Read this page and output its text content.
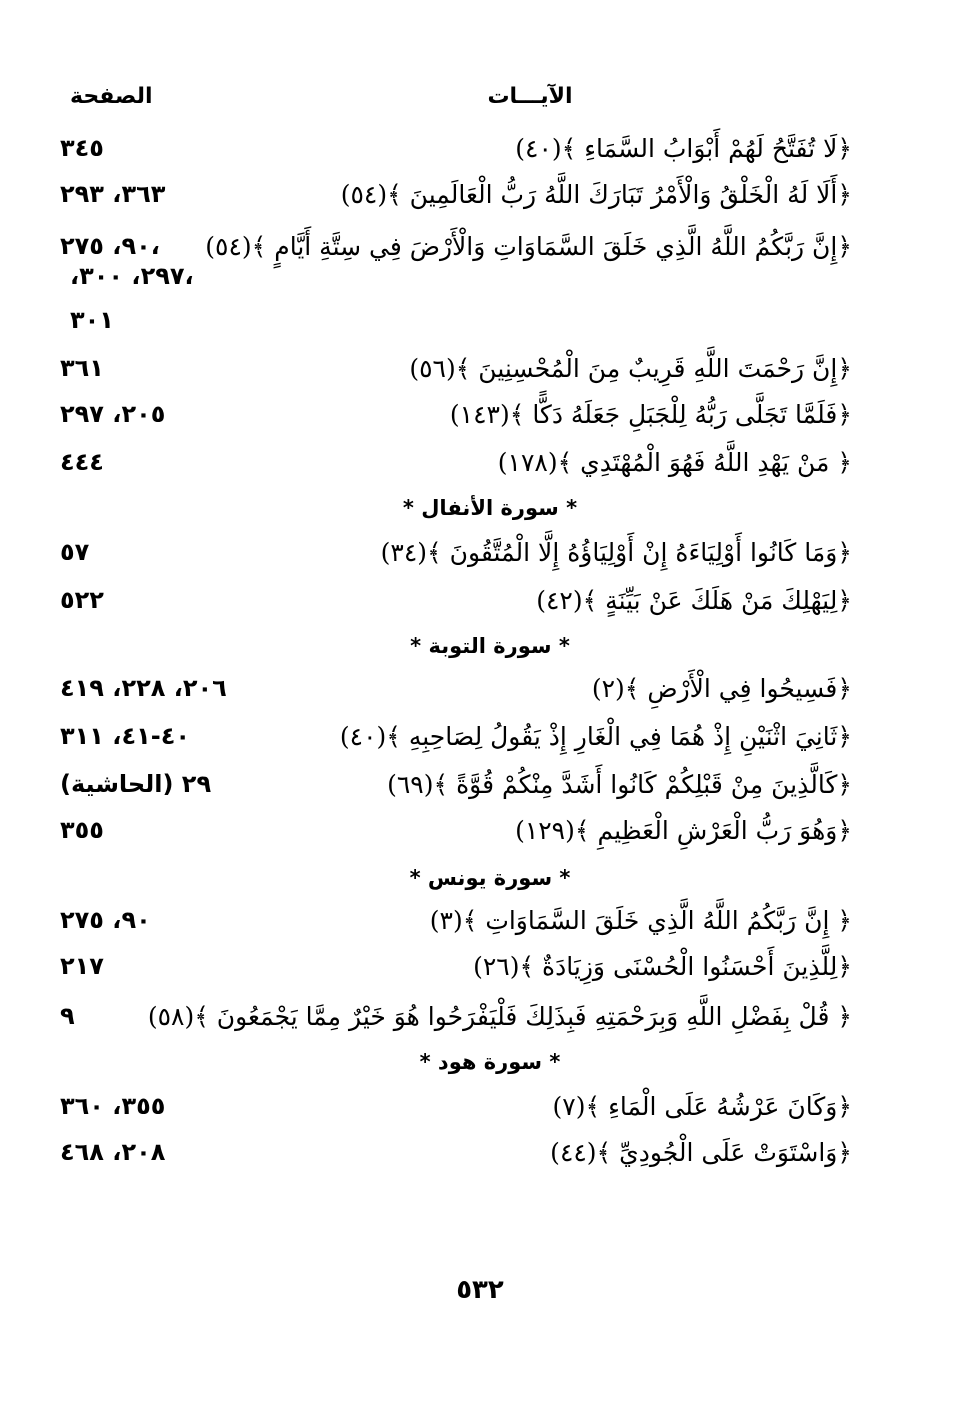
الآيـــات
الصفحة
﴿لَا تُفَتَّحُ لَهُمْ أَبْوَابُ السَّمَاءِ ﴾(٤٠)
٣٤٥
﴿أَلَا لَهُ الْخَلْقُ وَالْأَمْرُ تَبَارَكَ اللَّهُ رَبُّ الْعَالَمِينَ ﴾(٥٤)
٣٦٣، ٢٩٣
﴿إِنَّ رَبَّكُمُ اللَّهُ الَّذِي خَلَقَ السَّمَاوَاتِ وَالْأَرْضَ فِي سِتَّةِ أَيَّامٍ ﴾(٥٤)
،٩٠، ٢٧٥
،٢٩٧، ٣٠٠،
٣٠١
﴿إِنَّ رَحْمَتَ اللَّهِ قَرِيبٌ مِنَ الْمُحْسِنِينَ ﴾(٥٦)
٣٦١
﴿فَلَمَّا تَجَلَّى رَبُّهُ لِلْجَبَلِ جَعَلَهُ دَكًّا ﴾(١٤٣)
٢٠٥، ٢٩٧
﴿ مَنْ يَهْدِ اللَّهُ فَهُوَ الْمُهْتَدِي ﴾(١٧٨)
٤٤٤
* سورة الأنفال *
﴿وَمَا كَانُوا أَوْلِيَاءَهُ إِنْ أَوْلِيَاؤُهُ إِلَّا الْمُتَّقُونَ ﴾(٣٤)
٥٧
﴿لِيَهْلِكَ مَنْ هَلَكَ عَنْ بَيِّنَةٍ ﴾(٤٢)
٥٢٢
* سورة التوبة *
﴿فَسِيحُوا فِي الْأَرْضِ ﴾(٢)
٢٠٦، ٢٢٨، ٤١٩
﴿ثَانِيَ اثْنَيْنِ إِذْ هُمَا فِي الْغَارِ إِذْ يَقُولُ لِصَاحِبِهِ ﴾(٤٠)
٤٠-٤١، ٣١١
﴿كَالَّذِينَ مِنْ قَبْلِكُمْ كَانُوا أَشَدَّ مِنْكُمْ قُوَّةً ﴾(٦٩)
٢٩ (الحاشية)
﴿وَهُوَ رَبُّ الْعَرْشِ الْعَظِيمِ ﴾(١٢٩)
٣٥٥
* سورة يونس *
﴿ إِنَّ رَبَّكُمُ اللَّهُ الَّذِي خَلَقَ السَّمَاوَاتِ ﴾(٣)
٩٠، ٢٧٥
﴿لِلَّذِينَ أَحْسَنُوا الْحُسْنَى وَزِيَادَةٌ ﴾(٢٦)
٢١٧
﴿ قُلْ بِفَضْلِ اللَّهِ وَبِرَحْمَتِهِ فَبِذَلِكَ فَلْيَفْرَحُوا هُوَ خَيْرٌ مِمَّا يَجْمَعُونَ ﴾(٥٨)
٩
* سورة هود *
﴿وَكَانَ عَرْشُهُ عَلَى الْمَاءِ ﴾(٧)
٣٥٥، ٣٦٠
﴿وَاسْتَوَتْ عَلَى الْجُودِيِّ ﴾(٤٤)
٢٠٨، ٤٦٨
٥٣٢
